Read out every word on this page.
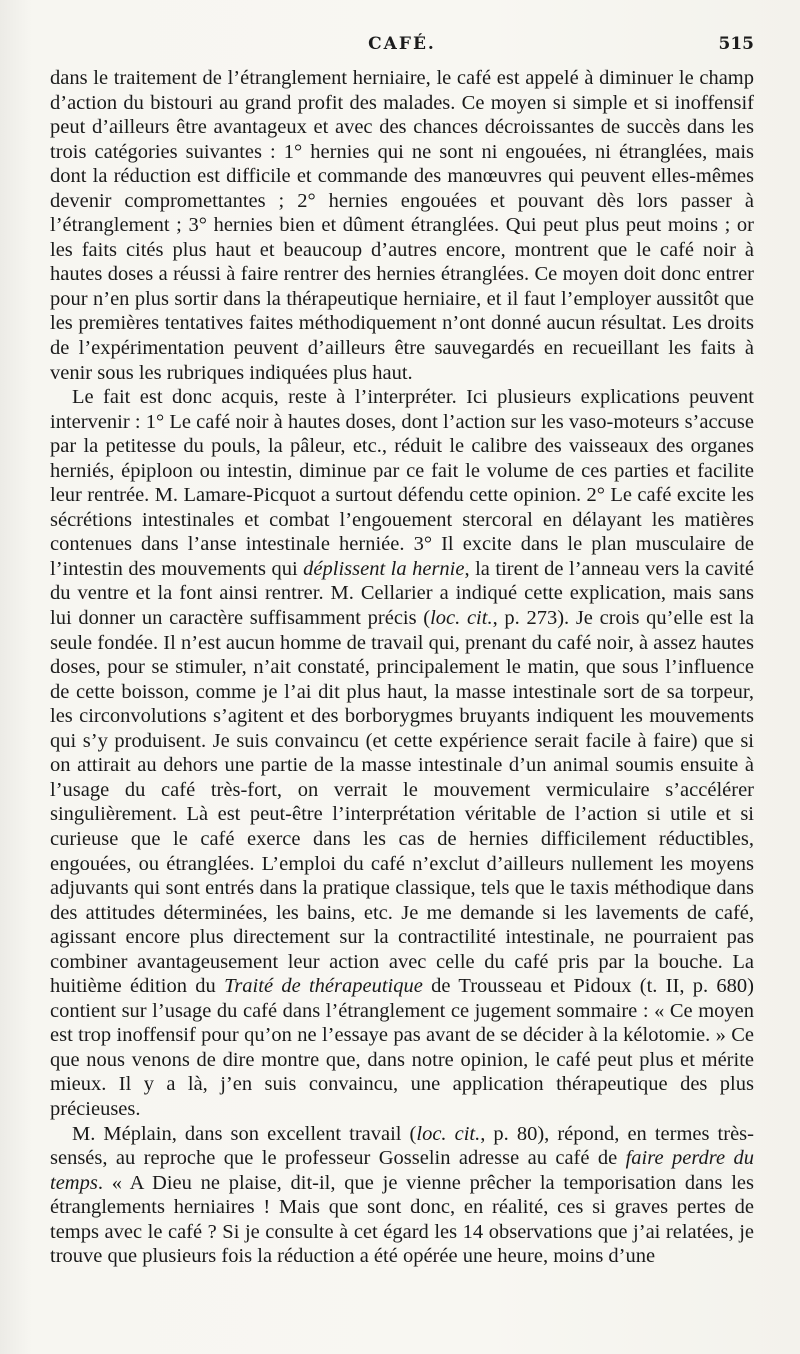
CAFÉ.	515

dans le traitement de l’étranglement herniaire, le café est appelé à diminuer le champ d’action du bistouri au grand profit des malades. Ce moyen si simple et si inoffensif peut d’ailleurs être avantageux et avec des chances décroissantes de succès dans les trois catégories suivantes : 1° hernies qui ne sont ni engouées, ni étranglées, mais dont la réduction est difficile et commande des manœuvres qui peuvent elles-mêmes devenir compromettantes ; 2° hernies engouées et pouvant dès lors passer à l’étranglement ; 3° hernies bien et dûment étranglées. Qui peut plus peut moins ; or les faits cités plus haut et beaucoup d’autres encore, montrent que le café noir à hautes doses a réussi à faire rentrer des hernies étranglées. Ce moyen doit donc entrer pour n’en plus sortir dans la thérapeutique herniaire, et il faut l’employer aussitôt que les premières tentatives faites méthodiquement n’ont donné aucun résultat. Les droits de l’expérimentation peuvent d’ailleurs être sauvegardés en recueillant les faits à venir sous les rubriques indiquées plus haut.

Le fait est donc acquis, reste à l’interpréter. Ici plusieurs explications peuvent intervenir : 1° Le café noir à hautes doses, dont l’action sur les vaso-moteurs s’accuse par la petitesse du pouls, la pâleur, etc., réduit le calibre des vaisseaux des organes herniés, épiploon ou intestin, diminue par ce fait le volume de ces parties et facilite leur rentrée. M. Lamare-Picquot a surtout défendu cette opinion. 2° Le café excite les sécrétions intestinales et combat l’engouement stercoral en délayant les matières contenues dans l’anse intestinale herniée. 3° Il excite dans le plan musculaire de l’intestin des mouvements qui déplissent la hernie, la tirent de l’anneau vers la cavité du ventre et la font ainsi rentrer. M. Cellarier a indiqué cette explication, mais sans lui donner un caractère suffisamment précis (loc. cit., p. 273). Je crois qu’elle est la seule fondée. Il n’est aucun homme de travail qui, prenant du café noir, à assez hautes doses, pour se stimuler, n’ait constaté, principalement le matin, que sous l’influence de cette boisson, comme je l’ai dit plus haut, la masse intestinale sort de sa torpeur, les circonvolutions s’agitent et des borborygmes bruyants indiquent les mouvements qui s’y produisent. Je suis convaincu (et cette expérience serait facile à faire) que si on attirait au dehors une partie de la masse intestinale d’un animal soumis ensuite à l’usage du café très-fort, on verrait le mouvement vermiculaire s’accélérer singulièrement. Là est peut-être l’interprétation véritable de l’action si utile et si curieuse que le café exerce dans les cas de hernies difficilement réductibles, engouées, ou étranglées. L’emploi du café n’exclut d’ailleurs nullement les moyens adjuvants qui sont entrés dans la pratique classique, tels que le taxis méthodique dans des attitudes déterminées, les bains, etc. Je me demande si les lavements de café, agissant encore plus directement sur la contractilité intestinale, ne pourraient pas combiner avantageusement leur action avec celle du café pris par la bouche. La huitième édition du Traité de thérapeutique de Trousseau et Pidoux (t. II, p. 680) contient sur l’usage du café dans l’étranglement ce jugement sommaire : « Ce moyen est trop inoffensif pour qu’on ne l’essaye pas avant de se décider à la kélotomie. » Ce que nous venons de dire montre que, dans notre opinion, le café peut plus et mérite mieux. Il y a là, j’en suis convaincu, une application thérapeutique des plus précieuses.

M. Méplain, dans son excellent travail (loc. cit., p. 80), répond, en termes très-sensés, au reproche que le professeur Gosselin adresse au café de faire perdre du temps. « A Dieu ne plaise, dit-il, que je vienne prêcher la temporisation dans les étranglements herniaires ! Mais que sont donc, en réalité, ces si graves pertes de temps avec le café ? Si je consulte à cet égard les 14 observations que j’ai relatées, je trouve que plusieurs fois la réduction a été opérée une heure, moins d’une
